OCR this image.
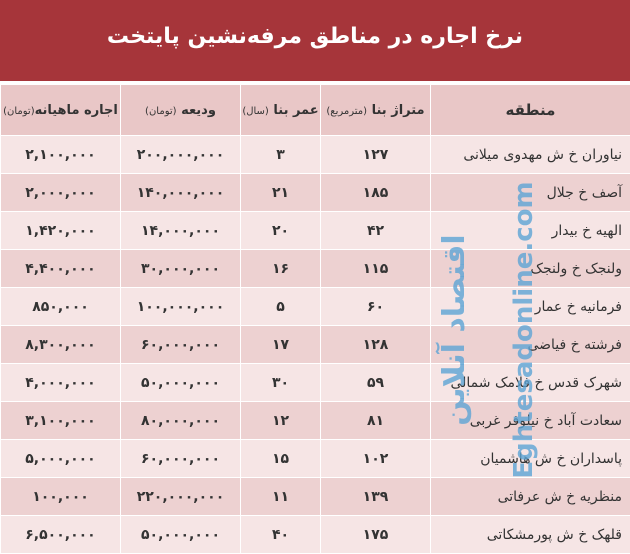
نرخ اجاره در مناطق مرفه‌نشین پایتخت
منطقه	متراژ بنا (مترمربع)	عمر بنا (سال)	ودیعه (تومان)	اجاره ماهیانه(تومان)
نیاوران خ ش مهدوی میلانی	۱۲۷	۳	۲۰۰,۰۰۰,۰۰۰	۲,۱۰۰,۰۰۰
آصف خ جلال	۱۸۵	۲۱	۱۴۰,۰۰۰,۰۰۰	۲,۰۰۰,۰۰۰
الهیه خ بیدار	۴۲	۲۰	۱۴,۰۰۰,۰۰۰	۱,۴۲۰,۰۰۰
ولنجک خ ولنجک	۱۱۵	۱۶	۳۰,۰۰۰,۰۰۰	۴,۴۰۰,۰۰۰
فرمانیه خ عمار	۶۰	۵	۱۰۰,۰۰۰,۰۰۰	۸۵۰,۰۰۰
فرشته خ فیاضی	۱۲۸	۱۷	۶۰,۰۰۰,۰۰۰	۸,۳۰۰,۰۰۰
شهرک قدس خ فلامک شمالی	۵۹	۳۰	۵۰,۰۰۰,۰۰۰	۴,۰۰۰,۰۰۰
سعادت آباد خ نیلوفر غربی	۸۱	۱۲	۸۰,۰۰۰,۰۰۰	۳,۱۰۰,۰۰۰
پاسداران خ ش هاشمیان	۱۰۲	۱۵	۶۰,۰۰۰,۰۰۰	۵,۰۰۰,۰۰۰
منظریه خ ش عرفاتی	۱۳۹	۱۱	۲۲۰,۰۰۰,۰۰۰	۱۰۰,۰۰۰
قلهک خ ش پورمشکاتی	۱۷۵	۴۰	۵۰,۰۰۰,۰۰۰	۶,۵۰۰,۰۰۰
اقتصاد آنلاین Eghtesadonline.com
